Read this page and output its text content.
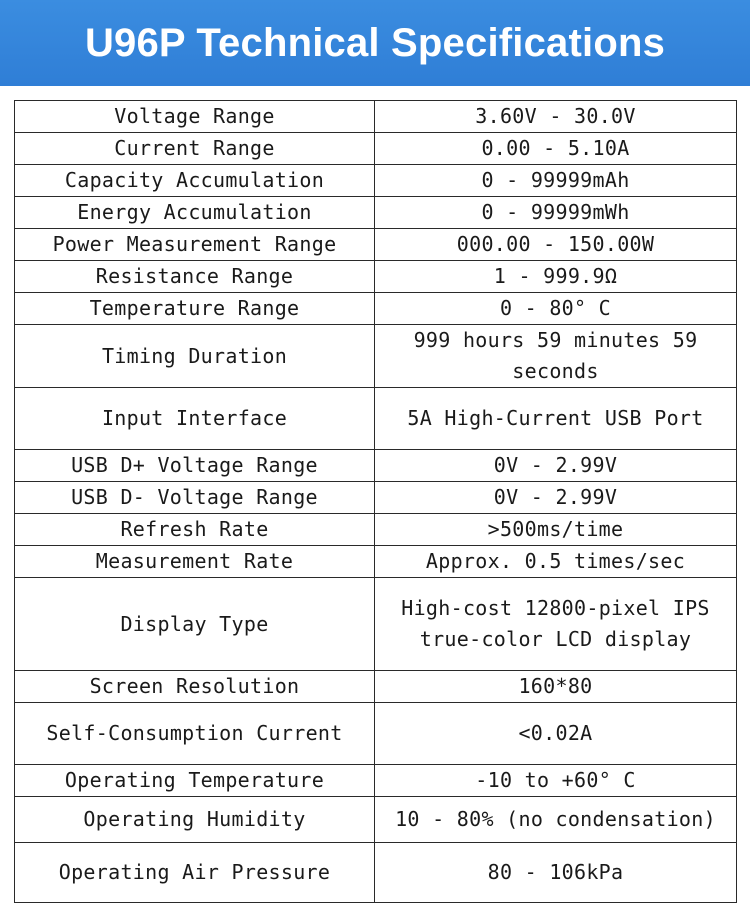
U96P Technical Specifications
Voltage Range	3.60V - 30.0V
Current Range	0.00 - 5.10A
Capacity Accumulation	0 - 99999mAh
Energy Accumulation	0 - 99999mWh
Power Measurement Range	000.00 - 150.00W
Resistance Range	1 - 999.9Ω
Temperature Range	0 - 80° C
Timing Duration	999 hours 59 minutes 59 seconds
Input Interface	5A High-Current USB Port
USB D+ Voltage Range	0V - 2.99V
USB D- Voltage Range	0V - 2.99V
Refresh Rate	>500ms/time
Measurement Rate	Approx. 0.5 times/sec
Display Type	High-cost 12800-pixel IPS true-color LCD display
Screen Resolution	160*80
Self-Consumption Current	<0.02A
Operating Temperature	-10 to +60° C
Operating Humidity	10 - 80% (no condensation)
Operating Air Pressure	80 - 106kPa
